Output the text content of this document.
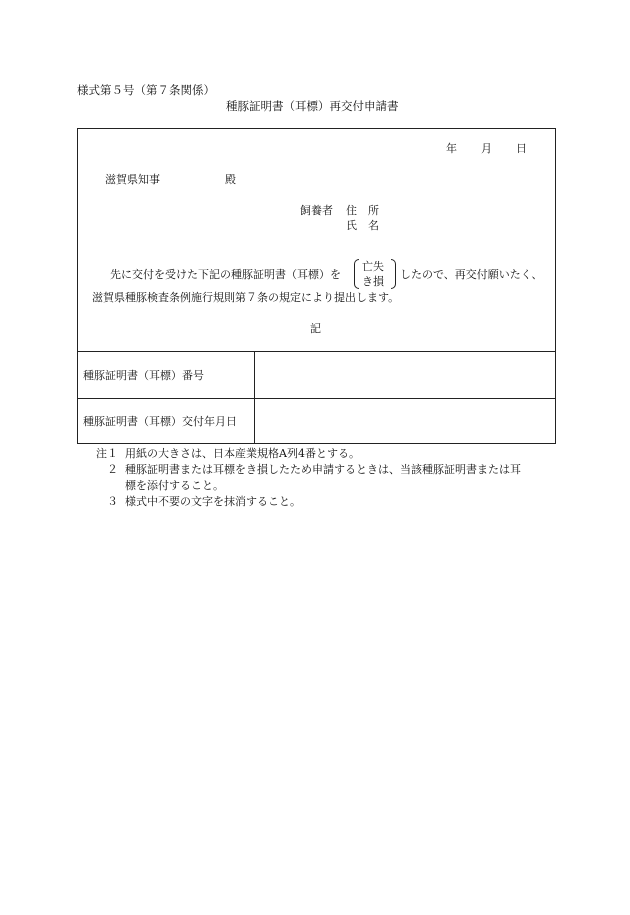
様式第５号（第７条関係）
種豚証明書（耳標）再交付申請書
年 月 日
滋賀県知事	殿
飼養者 住　所
氏　名
先に交付を受けた下記の種豚証明書（耳標）を
亡失
き損
したので、再交付願いたく、
滋賀県種豚検査条例施行規則第７条の規定により提出します。
記
種豚証明書（耳標）番号
種豚証明書（耳標）交付年月日
注１ 用紙の大きさは、日本産業規格A列4番とする。
２ 種豚証明書または耳標をき損したため申請するときは、当該種豚証明書または耳
標を添付すること。
３ 様式中不要の文字を抹消すること。
